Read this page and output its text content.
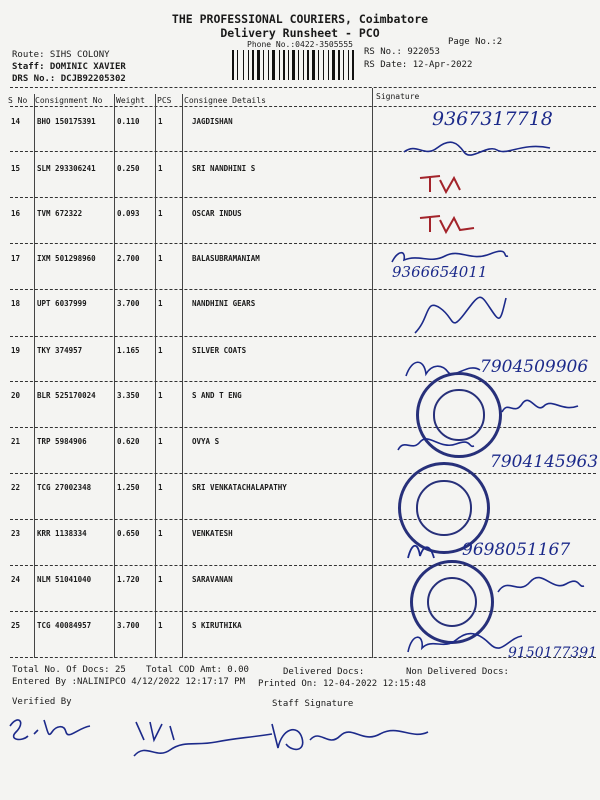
THE PROFESSIONAL COURIERS, Coimbatore
Delivery Runsheet - PCO
Phone No.:0422-3505555	Page No.:2
Route: SIHS COLONY
Staff: DOMINIC XAVIER
DRS No.: DCJB92205302
RS No.: 922053
RS Date: 12-Apr-2022
S No Consignment No Weight PCS Consignee Details	Signature
14 BHO 150175391	0.110 1	JAGDISHAN
15 SLM 293306241	0.250 1	SRI NANDHINI S
16 TVM 672322	0.093 1	OSCAR INDUS
17 IXM 501298960	2.700 1	BALASUBRAMANIAM
18 UPT 6037999	3.700 1	NANDHINI GEARS
19 TKY 374957	1.165 1	SILVER COATS
20 BLR 525170024	3.350 1	S AND T ENG
21 TRP 5984906	0.620 1	OVYA S
22 TCG 27002348	1.250 1	SRI VENKATACHALAPATHY
23 KRR 1138334	0.650 1	VENKATESH
24 NLM 51041040	1.720 1	SARAVANAN
25 TCG 40084957	3.700 1	S KIRUTHIKA
9367317718
9366654011
7904509906
7904145963
9698051167
9150177391
Total No. Of Docs: 25 Total COD Amt: 0.00	Delivered Docs:	Non Delivered Docs:
Entered By :NALINIPCO 4/12/2022 12:17:17 PM Printed On: 12-04-2022 12:15:48
Verified By	Staff Signature
